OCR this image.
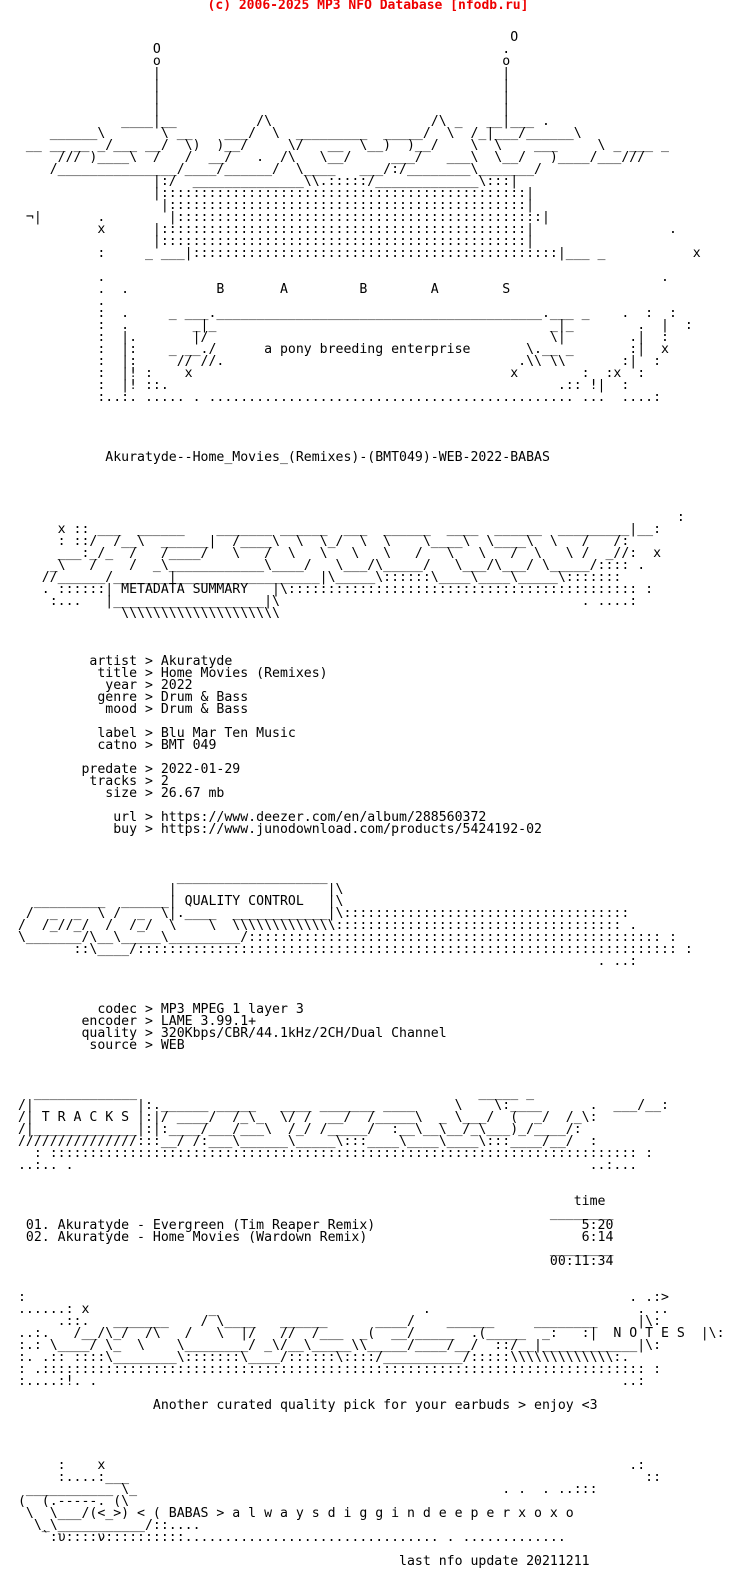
(c) 2006-2025 MP3 NFO Database [nfodb.ru]

O
O                                           .
o                                           o
|                                           |
|                                           |
|                                           |
|                                           |
____|__          /\                    /\ _   __|___ .
______\       \ __    ___/  \  _________  _____/  \  /_|___/______\
__ __ __ _/___ __/  \)  )__/     \/   __  \__)  )__/    \  \    ___     \ _ ___ _
/// )____\  /   /  __/   .  /\   \__/     ___/   ___\  \__/   )____/___///
/_______________/____/______/  \____   ___/:/________\_______/
|:/  ______________\\.:::::/_____________\:::|
|::::::::::::::::::::::::::::::::::::::::::::::|
|:::::::::::::::::::::::::::::::::::::::::::::|
¬|       .        |::::::::::::::::::::::::::::::::::::::::::::::|
x      |::::::::::::::::::::::::::::::::::::::::::::::|                 .
|::::::::::::::::::::::::::::::::::::::::::::::|
:     _ ___|::::::::::::::::::::::::::::::::::::::::::::::|___ _           x

.                                                                      .
.  .           B       A         B        A        S
.
:  .     _ ___._________________________________________.___ _    .  :  :
:  .        _|_                                          _|_        .  |  :
:  |.       |/                                           \|        .|  :
:  |:    _ __./      a pony breeding enterprise       \.__ _       :|  x
:  |:     // //.                                     .\\ \\       :|  :
:  |! :    x                                        x        :  :x  :
:  |! ::.                                                 .:: !|  :
:..:. ..... . .............................................. ...  ....:

Akuratyde--Home_Movies_(Remixes)-(BMT049)-WEB-2022-BABAS

:
x :: ___  ______    _______ ______  ___  ______  ____  ______  _________|__:
: ::/  /__\  ______|  /____\  \  \_/  \  \    \____\  \____\  \   /   /:
___:_/_  /   /____/   \   /  \   \   \   \   /   \   \   /  \   \ /  _//:  x
_\   /    /  _\____________\____/   \___/\_____/   \___/\___/ \_____/:::: .
//______/_______|__________________|\_____\::::::\____\____\_____\:::::::
. ::::::| METADATA SUMMARY   |\:::::::::::::::::::::::::::::::::::::::::::: :
:...   |___________________|\                                      . ....:
\\\\\\\\\\\\\\\\\\\\

artist > Akuratyde
title > Home Movies (Remixes)
year > 2022
genre > Drum & Bass
mood > Drum & Bass

label > Blu Mar Ten Music
catno > BMT 049

predate > 2022-01-29
tracks > 2
size > 26.67 mb

url > https://www.deezer.com/en/album/288560372
buy > https://www.junodownload.com/products/5424192-02

___________________
|                   |\
_________  ______| QUALITY CONTROL   |\
/  _  _  \ /  _  \|.____  ____________|\::::::::::::::::::::::::::::::::::::
/  /_//_/  /  /_/  \    \  \\\\\\\\\\\\\:::::::::::::::::::::::::::::::::::: .
\_______/\__\_____\_________/:::::::::::::::::::::::::::::::::::::::::::::::::::: :
::\____/:::::::::::::::::::::::::::::::::::::::::::::::::::::::::::::::::::: :
. ..:

codec > MP3 MPEG 1 layer 3
encoder > LAME 3.99.1+
quality > 320Kbps/CBR/44.1kHz/2CH/Dual Channel
source > WEB

_____________                                           _____ _
/|             |:.______ _____   ____ _______ ____     \    \:____      .  ___/__:
/| T R A C K S |:|/ ____/  /_\_  \/ /  __/  /_____\  _ \___/  (  _/  /_\:
/|_____________|:|:____/___/___\  /_/ /_____/  :__\__\__/_\___)_/____/:
///////////////:::__/ /:___\______\_____\:::____\____\____\:::____/__/  :
: :::::::::::::::::::::::::::::::::::::::::::::::::::::::::::::::::::::::::: :
..:.. .                                                                 ..:...

time
________
01. Akuratyde - Evergreen (Tim Reaper Remix)                          5:20
02. Akuratyde - Home Movies (Wardown Remix)                           6:14
________
00:11:34

:                                                                            . .:>
......: x               _                          .                          . ..
.::.   _______    / \____   ______      ____/    ______     ________     |\:
..:.   /__/\_/  /\   /   \  |/   //  /___  _(  __/_____  .(_____  _:   :|  N O T E S  |\:
:.: \____/ \_  \    \________/ _\/__\_____\\_____/____/__/  ::/__|____________|\:
:. .:: ::::\________\:::::::\____/::::::\::::/__________/:::::\\\\\\\\\\\\\:.
: .:::::::::::::::::::::::::::::::::::::::::::::::::::::::::::::::::::::::::::: :
:....:!. .                                                                  ..:

Another curated quality pick for your earbuds > enjoy <3

:    x                                                                  .:
:....:___                                                                 ::
___________ \_                                              . .  . ..:::
(  (.-----. (\
\  \___/(<_>) < ( BABAS > a l w a y s d i g g i n d e e p e r x o x o
\_\___________/::....
`:υ::::ν::::::::::................................ . .............

last nfo update 20211211
